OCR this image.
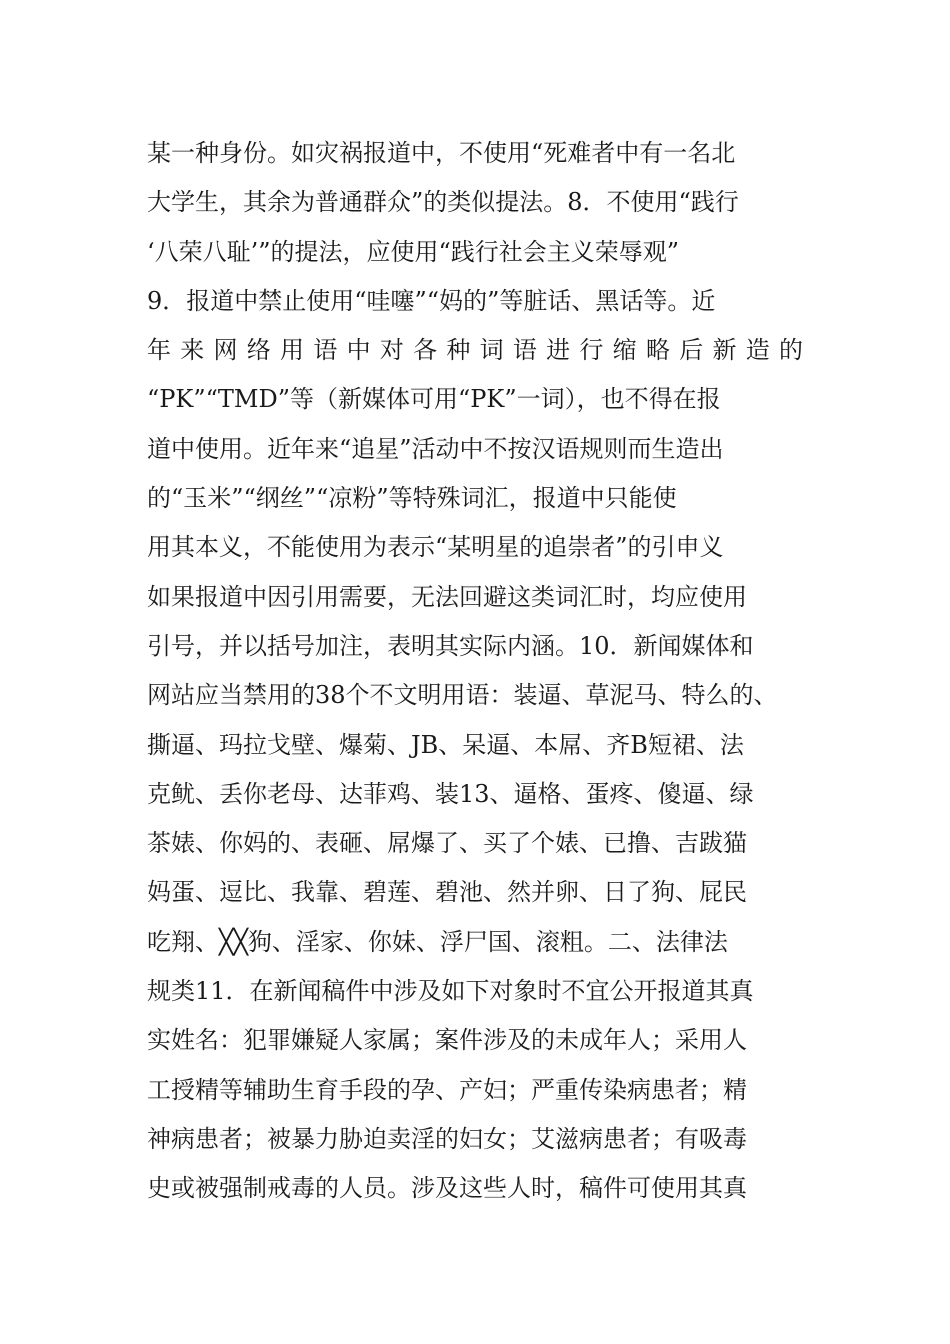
某一种身份。如灾祸报道中，不使用“死难者中有一名北
大学生，其余为普通群众”的类似提法。8．不使用“践行
‘八荣八耻’”的提法，应使用“践行社会主义荣辱观”
9．报道中禁止使用“哇噻”“妈的”等脏话、黑话等。近
年来网络用语中对各种词语进行缩略后新造的
“PK”“TMD”等（新媒体可用“PK”一词），也不得在报
道中使用。近年来“追星”活动中不按汉语规则而生造出
的“玉米”“纲丝”“凉粉”等特殊词汇，报道中只能使
用其本义，不能使用为表示“某明星的追崇者”的引申义
如果报道中因引用需要，无法回避这类词汇时，均应使用
引号，并以括号加注，表明其实际内涵。10．新闻媒体和
网站应当禁用的38个不文明用语：装逼、草泥马、特么的、
撕逼、玛拉戈壁、爆菊、JB、呆逼、本屌、齐B短裙、法
克鱿、丢你老母、达菲鸡、装13、逼格、蛋疼、傻逼、绿
茶婊、你妈的、表砸、屌爆了、买了个婊、已撸、吉跋猫
妈蛋、逗比、我靠、碧莲、碧池、然并卵、日了狗、屁民
吃翔、╳╳狗、淫家、你妹、浮尸国、滚粗。二、法律法
规类11．在新闻稿件中涉及如下对象时不宜公开报道其真
实姓名：犯罪嫌疑人家属；案件涉及的未成年人；采用人
工授精等辅助生育手段的孕、产妇；严重传染病患者；精
神病患者；被暴力胁迫卖淫的妇女；艾滋病患者；有吸毒
史或被强制戒毒的人员。涉及这些人时，稿件可使用其真
